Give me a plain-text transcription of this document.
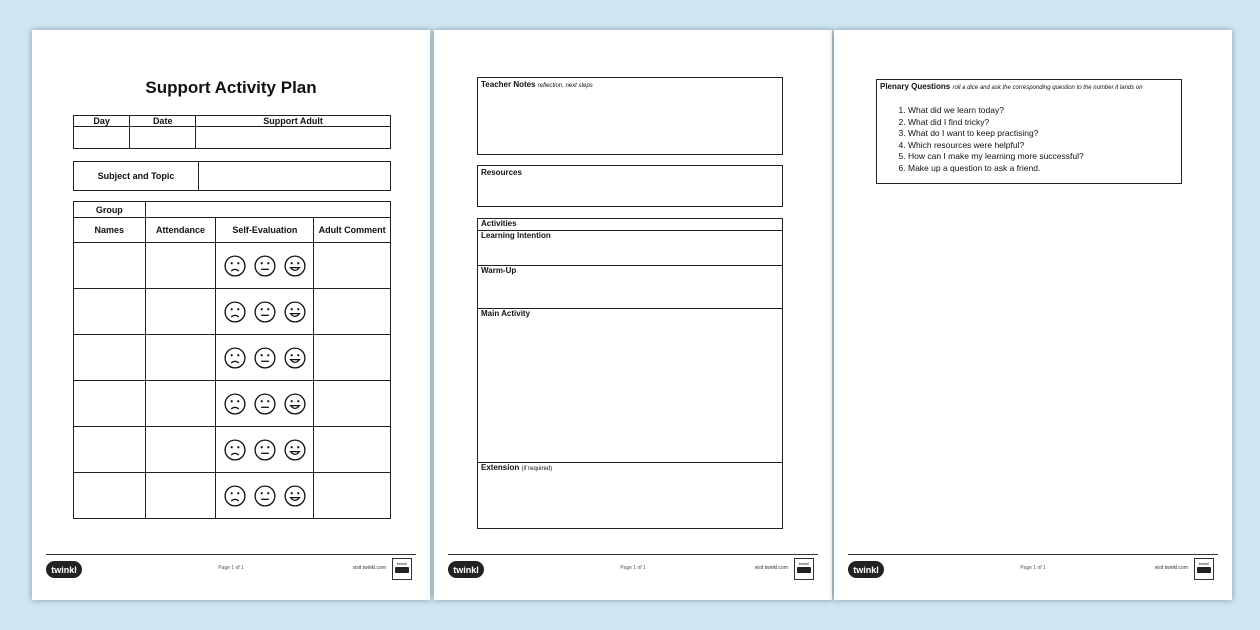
Support Activity Plan
Day	Date	Support Adult

Subject and Topic
Group			
Names	Attendance	Self-Evaluation	Adult Comment

twinkl	Page 1 of 1	visit twinkl.com
twinkl
Teacher Notes reflection, next steps
Resources
Activities
Learning Intention
Warm-Up
Main Activity
Extension (if required)
twinkl	Page 1 of 1	visit twinkl.com
twinkl
Plenary Questions roll a dice and ask the corresponding question to the number it lands on
1. What did we learn today?
2. What did I find tricky?
3. What do I want to keep practising?
4. Which resources were helpful?
5. How can I make my learning more successful?
6. Make up a question to ask a friend.
twinkl	Page 1 of 1	visit twinkl.com
twinkl
